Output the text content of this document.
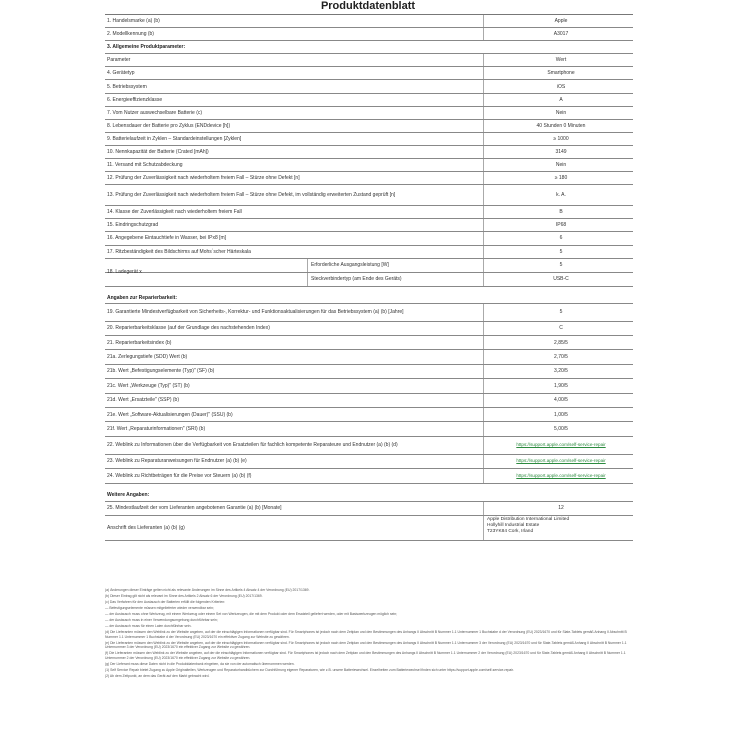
Produktdatenblatt
1. Handelsmarke (a) (b)	Apple
2. Modellkennung (b)	A3017
3. Allgemeine Produktparameter:
Parameter	Wert
4. Gerätetyp	Smartphone
5. Betriebssystem	iOS
6. Energieeffizienzklasse	A
7. Vom Nutzer auswechselbare Batterie (c)	Nein
8. Lebensdauer der Batterie pro Zyklus (ENDdevice [h])	40 Stunden 0 Minuten
9. Batterielaufzeit in Zyklen – Standardeinstellungen [Zyklen]	≥ 1000
10. Nennkapazität der Batterie (Crated [mAh])	3149
11. Versand mit Schutzabdeckung	Nein
12. Prüfung der Zuverlässigkeit nach wiederholtem freiem Fall – Stürze ohne Defekt [n]	≥ 180
13. Prüfung der Zuverlässigkeit nach wiederholtem freiem Fall – Stürze ohne Defekt, im vollständig erweiterten Zustand geprüft [n]	k. A.
14. Klasse der Zuverlässigkeit nach wiederholtem freiem Fall	B
15. Eindringschutzgrad	IP68
16. Angegebene Eintauchtiefe in Wasser, bei IPx8 [m]	6
17. Ritzbeständigkeit des Bildschirms auf Mohs´scher Härteskala	5
18. Ladegerät x
Erforderliche Ausgangsleistung [W]	5
Steckverbindertyp (am Ende des Geräts)	USB-C
Angaben zur Reparierbarkeit:
19. Garantierte Mindestverfügbarkeit von Sicherheits-, Korrektur- und Funktionsaktualisierungen für das Betriebssystem (a) (b) [Jahre]	5
20. Reparierbarkeitsklasse (auf der Grundlage des nachstehenden Index)	C
21. Reparierbarkeitsindex (b)	2,85/5
21a. Zerlegungstiefe (SDD) Wert (b)	2,70/5
21b. Wert „Befestigungselemente (Typ)" (SF) (b)	3,20/5
21c. Wert „Werkzeuge (Typ)" (ST) (b)	1,90/5
21d. Wert „Ersatzteile" (SSP) (b)	4,00/5
21e. Wert „Software-Aktualisierungen (Dauer)" (SSU) (b)	1,00/5
21f. Wert „Reparaturinformationen" (SRI) (b)	5,00/5
22. Weblink zu Informationen über die Verfügbarkeit von Ersatzteilen für fachlich kompetente Reparateure und Endnutzer (a) (b) (d)	https://support.apple.com/self-service-repair
23. Weblink zu Reparaturanweisungen für Endnutzer (a) (b) (e)	https://support.apple.com/self-service-repair
24. Weblink zu Richtbeträgen für die Preise vor Steuern (a) (b) (f)	https://support.apple.com/self-service-repair
Weitere Angaben:
25. Mindestlaufzeit der vom Lieferanten angebotenen Garantie (a) (b) [Monate]	12
Anschrift des Lieferanten (a) (b) (g)
Apple Distribution International Limited
Hollyhill Industrial Estate
T23YK84 Cork, Irland

(a) Änderungen dieser Einträge gelten nicht als relevante Änderungen im Sinne des Artikels 4 Absatz 4 der Verordnung (EU) 2017/1369.

(b) Dieser Eintrag gilt nicht als relevant im Sinne des Artikels 2 Absatz 6 der Verordnung (EU) 2017/1369.

(c) Das Verfahren für den Austausch der Batterien erfüllt die folgenden Kriterien:

— Befestigungselemente müssen mitgelieferter wieder verwendbar sein;

— der Austausch muss ohne Werkzeug, mit einem Werkzeug oder einem Set von Werkzeugen, die mit dem Produkt oder dem Ersatzteil geliefert werden, oder mit Basiswerkzeugen möglich sein;

— der Austausch muss in einer Verwendungsumgebung durchführbar sein;

— der Austausch muss für einen Laien durchführbar sein.

(d) Die Lieferanten müssen den Weblink zu der Website angeben, auf der die einschlägigen Informationen verfügbar sind. Für Smartphones ist jedoch nach dem Zeitplan und den Bestimmungen des Anhangs II Abschnitt B Nummer 1.1 Unternummer 1 Buchstabe d der Verordnung (EU) 2023/1670 und für Slate-Tablets gemäß Anhang II Abschnitt B Nummer 1.1 Unternummer 1 Buchstabe d der Verordnung (EU) 2023/1670 ein effektiver Zugang zur Website zu gewähren.

(e) Die Lieferanten müssen den Weblink zu der Website angeben, auf der die einschlägigen Informationen verfügbar sind. Für Smartphones ist jedoch nach dem Zeitplan und den Bestimmungen des Anhangs II Abschnitt B Nummer 1.1 Unternummer 3 der Verordnung (EU) 2023/1670 und für Slate-Tablets gemäß Anhang II Abschnitt B Nummer 1.1 Unternummer 3 der Verordnung (EU) 2023/1670 ein effektiver Zugang zur Website zu gewähren.

(f) Die Lieferanten müssen den Weblink zu der Website angeben, auf der die einschlägigen Informationen verfügbar sind. Für Smartphones ist jedoch nach dem Zeitplan und den Bestimmungen des Anhangs II Abschnitt B Nummer 1.1 Unternummer 2 der Verordnung (EU) 2023/1670 und für Slate-Tablets gemäß Anhang II Abschnitt B Nummer 1.1 Unternummer 2 der Verordnung (EU) 2023/1670 ein effektiver Zugang zur Website zu gewähren.

(g) Der Lieferant muss diese Daten nicht in die Produktdatenbank eingeben, da sie von der automatisch übernommen werden.

(1) Self Service Repair bietet Zugang zu Apple Originalteilen, Werkzeugen und Reparaturhandbüchern zur Durchführung eigener Reparaturen, wie z.B. unsere Batteriewechsel. Einzelheiten zum Batteriewechsel finden sich unter https://support.apple.com/self-service-repair.

(2) Ab dem Zeitpunkt, an dem das Gerät auf den Markt gebracht wird.
